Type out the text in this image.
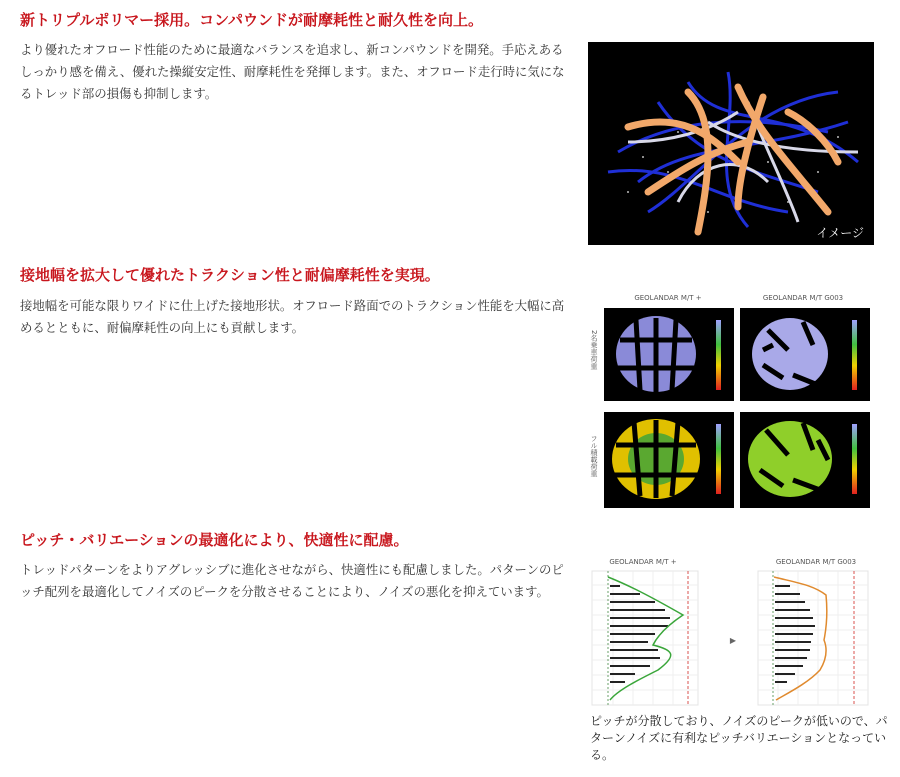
新トリプルポリマー採用。コンパウンドが耐摩耗性と耐久性を向上。

より優れたオフロード性能のために最適なバランスを追求し、新コンパウンドを開発。手応えあるしっかり感を備え、優れた操縦安定性、耐摩耗性を発揮します。また、オフロード走行時に気になるトレッド部の損傷も抑制します。

イメージ
接地幅を拡大して優れたトラクション性と耐偏摩耗性を実現。

接地幅を可能な限りワイドに仕上げた接地形状。オフロード路面でのトラクション性能を大幅に高めるとともに、耐偏摩耗性の向上にも貢献します。

GEOLANDAR M/T +	GEOLANDAR M/T G003
2名乗車荷重
フル積載荷重
ピッチ・バリエーションの最適化により、快適性に配慮。

トレッドパターンをよりアグレッシブに進化させながら、快適性にも配慮しました。パターンのピッチ配列を最適化してノイズのピークを分散させることにより、ノイズの悪化を抑えています。

GEOLANDAR M/T +	GEOLANDAR M/T G003
▶

ピッチが分散しており、ノイズのピークが低いので、パターンノイズに有利なピッチバリエーションとなっている。
